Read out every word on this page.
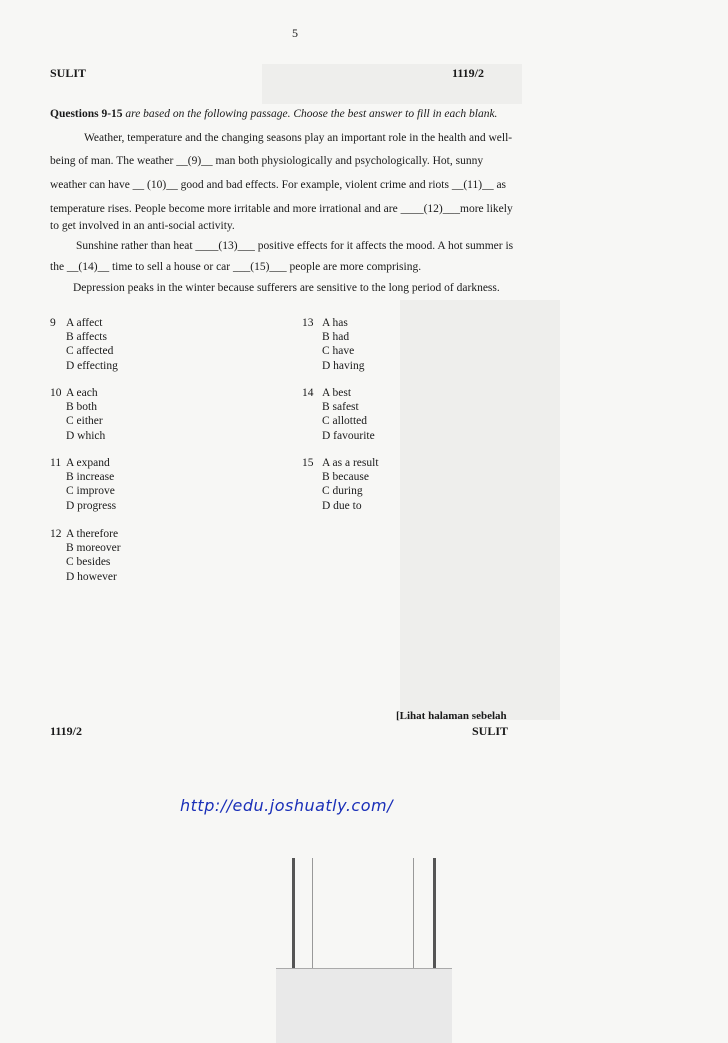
5
SULIT	1119/2
Questions 9-15 are based on the following passage. Choose the best answer to fill in each blank.
Weather, temperature and the changing seasons play an important role in the health and well-
being of man. The weather __(9)__ man both physiologically and psychologically. Hot, sunny
weather can have __ (10)__ good and bad effects. For example, violent crime and riots __(11)__ as
temperature rises. People become more irritable and more irrational and are ____(12)___more likely
to get involved in an anti-social activity.
Sunshine rather than heat ____(13)___ positive effects for it affects the mood. A hot summer is
the __(14)__ time to sell a house or car ___(15)___ people are more comprising.
Depression peaks in the winter because sufferers are sensitive to the long period of darkness.
9 A affect
B affects
C affected
D effecting
10 A each
B both
C either
D which
11 A expand
B increase
C improve
D progress
12 A therefore
B moreover
C besides
D however
13 A has
B had
C have
D having
14 A best
B safest
C allotted
D favourite
15 A as a result
B because
C during
D due to
[Lihat halaman sebelah
SULIT
1119/2
http://edu.joshuatly.com/
